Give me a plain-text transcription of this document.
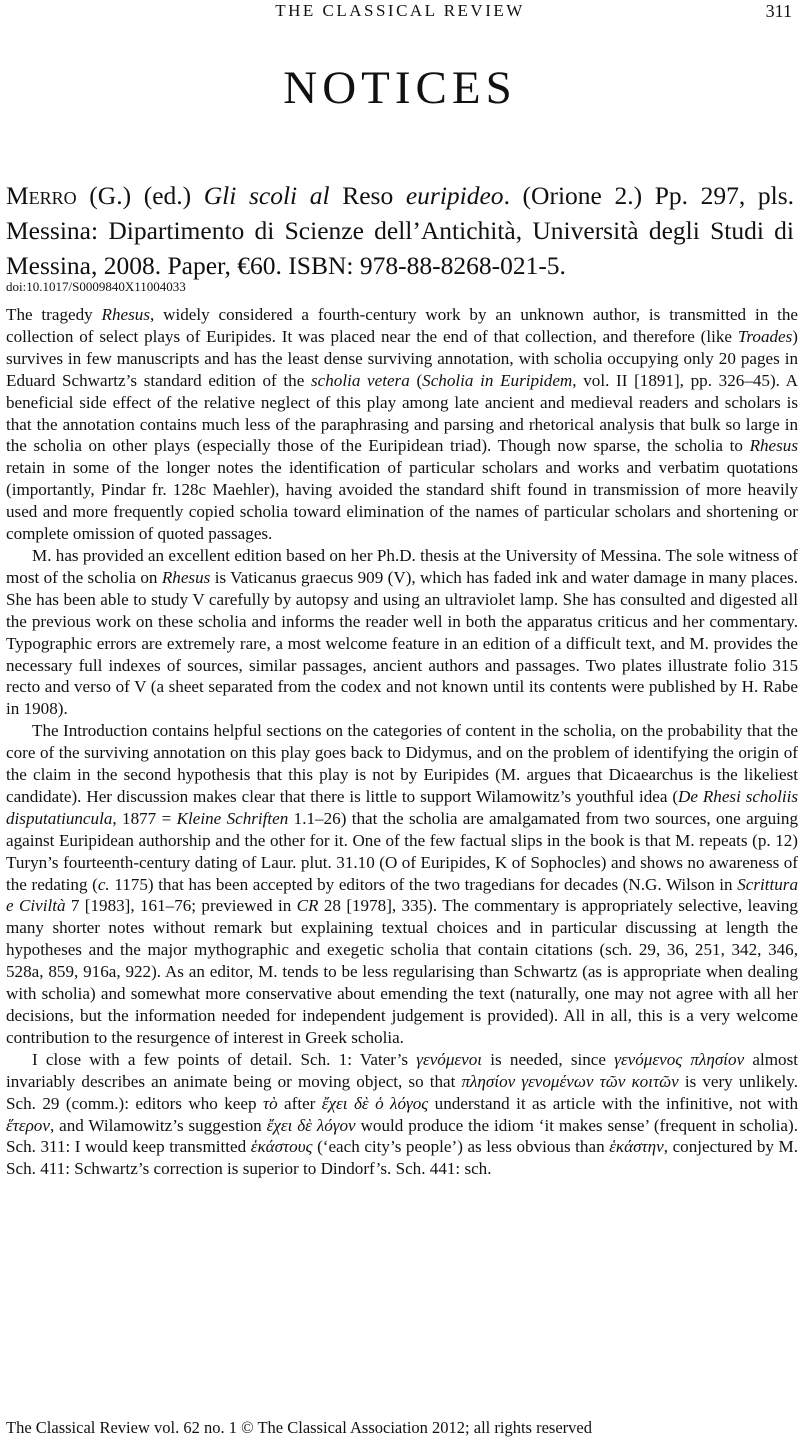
THE CLASSICAL REVIEW	311
NOTICES
Merro (G.) (ed.) Gli scoli al Reso euripideo. (Orione 2.) Pp. 297, pls. Messina: Dipartimento di Scienze dell’Antichità, Università degli Studi di Messina, 2008. Paper, €60. ISBN: 978-88-8268-021-5.
doi:10.1017/S0009840X11004033

The tragedy Rhesus, widely considered a fourth-century work by an unknown author, is transmitted in the collection of select plays of Euripides. It was placed near the end of that collection, and therefore (like Troades) survives in few manuscripts and has the least dense surviving annotation, with scholia occupying only 20 pages in Eduard Schwartz’s standard edition of the scholia vetera (Scholia in Euripidem, vol. II [1891], pp. 326–45). A beneficial side effect of the relative neglect of this play among late ancient and medieval readers and scholars is that the annotation contains much less of the paraphrasing and parsing and rhetorical analysis that bulk so large in the scholia on other plays (especially those of the Euripidean triad). Though now sparse, the scholia to Rhesus retain in some of the longer notes the identification of particular scholars and works and verbatim quotations (importantly, Pindar fr. 128c Maehler), having avoided the standard shift found in transmission of more heavily used and more frequently copied scholia toward elimination of the names of particular scholars and shortening or complete omission of quoted passages.

M. has provided an excellent edition based on her Ph.D. thesis at the University of Messina. The sole witness of most of the scholia on Rhesus is Vaticanus graecus 909 (V), which has faded ink and water damage in many places. She has been able to study V carefully by autopsy and using an ultraviolet lamp. She has consulted and digested all the previous work on these scholia and informs the reader well in both the apparatus criticus and her commentary. Typographic errors are extremely rare, a most welcome feature in an edition of a difficult text, and M. provides the necessary full indexes of sources, similar passages, ancient authors and passages. Two plates illustrate folio 315 recto and verso of V (a sheet separated from the codex and not known until its contents were published by H. Rabe in 1908).

The Introduction contains helpful sections on the categories of content in the scholia, on the probability that the core of the surviving annotation on this play goes back to Didymus, and on the problem of identifying the origin of the claim in the second hypothesis that this play is not by Euripides (M. argues that Dicaearchus is the likeliest candidate). Her discussion makes clear that there is little to support Wilamowitz’s youthful idea (De Rhesi scholiis disputatiuncula, 1877 = Kleine Schriften 1.1–26) that the scholia are amalgamated from two sources, one arguing against Euripidean authorship and the other for it. One of the few factual slips in the book is that M. repeats (p. 12) Turyn’s fourteenth-century dating of Laur. plut. 31.10 (O of Euripides, K of Sophocles) and shows no awareness of the redating (c. 1175) that has been accepted by editors of the two tragedians for decades (N.G. Wilson in Scrittura e Civiltà 7 [1983], 161–76; previewed in CR 28 [1978], 335). The commentary is appropriately selective, leaving many shorter notes without remark but explaining textual choices and in particular discussing at length the hypotheses and the major mythographic and exegetic scholia that contain citations (sch. 29, 36, 251, 342, 346, 528a, 859, 916a, 922). As an editor, M. tends to be less regularising than Schwartz (as is appropriate when dealing with scholia) and somewhat more conservative about emending the text (naturally, one may not agree with all her decisions, but the information needed for independent judgement is provided). All in all, this is a very welcome contribution to the resurgence of interest in Greek scholia.

I close with a few points of detail. Sch. 1: Vater’s γενόμενοι is needed, since γενόμενος πλησίον almost invariably describes an animate being or moving object, so that πλησίον γενομένων τῶν κοιτῶν is very unlikely. Sch. 29 (comm.): editors who keep τὸ after ἔχει δὲ ὁ λόγος understand it as article with the infinitive, not with ἕτερον, and Wilamowitz’s suggestion ἔχει δὲ λόγον would produce the idiom ‘it makes sense’ (frequent in scholia). Sch. 311: I would keep transmitted ἑκάστους (‘each city’s people’) as less obvious than ἑκάστην, conjectured by M. Sch. 411: Schwartz’s correction is superior to Dindorf’s. Sch. 441: sch.

The Classical Review vol. 62 no. 1 © The Classical Association 2012; all rights reserved
